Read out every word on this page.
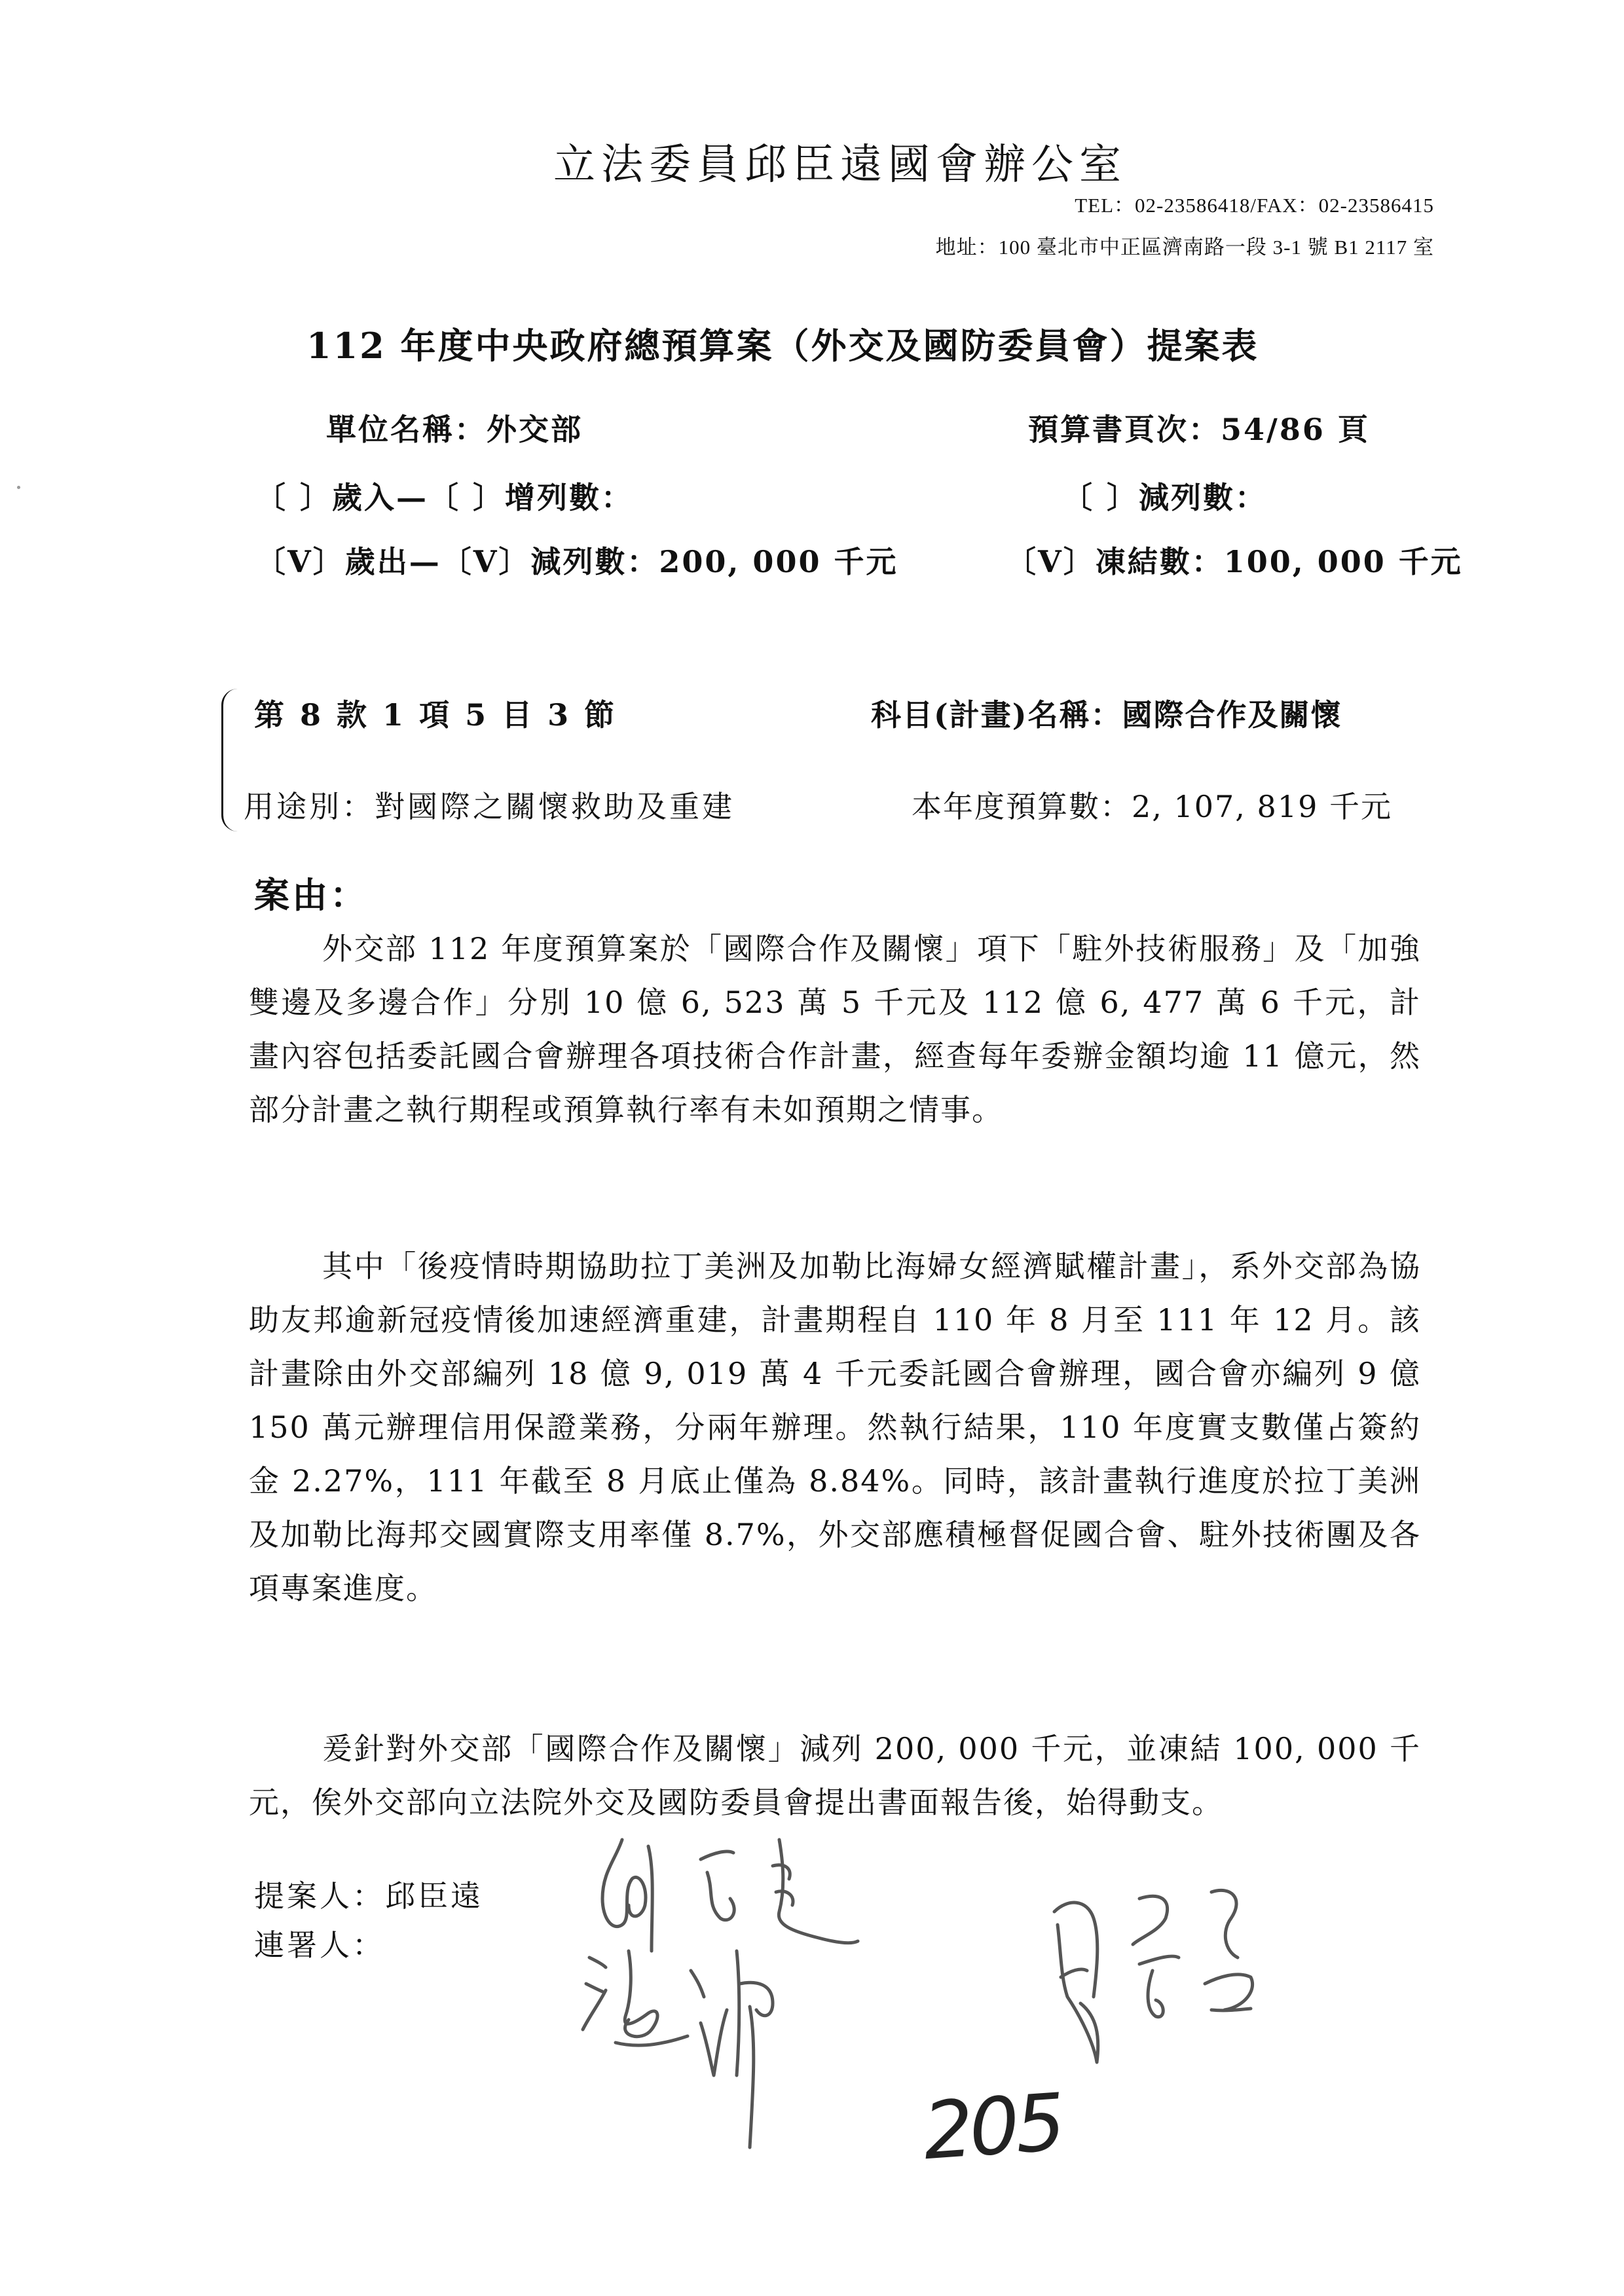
立法委員邱臣遠國會辦公室
TEL：02-23586418/FAX：02-23586415
地址：100 臺北市中正區濟南路一段 3-1 號 B1 2117 室
112 年度中央政府總預算案（外交及國防委員會）提案表
單位名稱：外交部	預算書頁次：54/86 頁
〔 〕歲入—〔 〕增列數：	〔 〕減列數：
〔V〕歲出—〔V〕減列數：200, 000 千元	〔V〕凍結數：100, 000 千元
第 8 款 1 項 5 目 3 節	科目(計畫)名稱：國際合作及關懷
用途別：對國際之關懷救助及重建	本年度預算數：2, 107, 819 千元
案由：

外交部 112 年度預算案於「國際合作及關懷」項下「駐外技術服務」及「加強雙邊及多邊合作」分別 10 億 6, 523 萬 5 千元及 112 億 6, 477 萬 6 千元，計畫內容包括委託國合會辦理各項技術合作計畫，經查每年委辦金額均逾 11 億元，然部分計畫之執行期程或預算執行率有未如預期之情事。

其中「後疫情時期協助拉丁美洲及加勒比海婦女經濟賦權計畫」，系外交部為協助友邦逾新冠疫情後加速經濟重建，計畫期程自 110 年 8 月至 111 年 12 月。該計畫除由外交部編列 18 億 9, 019 萬 4 千元委託國合會辦理，國合會亦編列 9 億 150 萬元辦理信用保證業務，分兩年辦理。然執行結果，110 年度實支數僅占簽約金 2.27%，111 年截至 8 月底止僅為 8.84%。同時，該計畫執行進度於拉丁美洲及加勒比海邦交國實際支用率僅 8.7%，外交部應積極督促國合會、駐外技術團及各項專案進度。

爰針對外交部「國際合作及關懷」減列 200, 000 千元，並凍結 100, 000 千元，俟外交部向立法院外交及國防委員會提出書面報告後，始得動支。

提案人：邱臣遠
連署人：
205
